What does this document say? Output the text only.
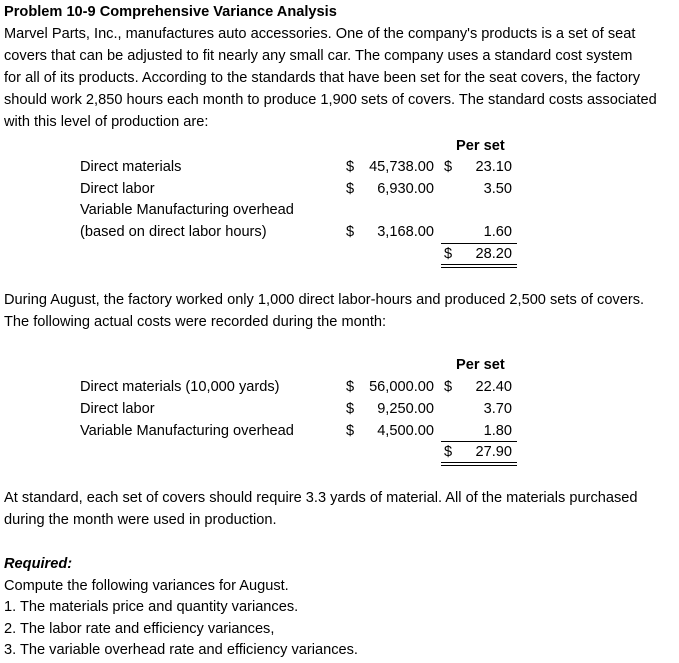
Problem 10-9 Comprehensive Variance Analysis
Marvel Parts, Inc., manufactures auto accessories. One of the company's products is a set of seat
covers that can be adjusted to fit nearly any small car. The company uses a standard cost system
for all of its products. According to the standards that have been set for the seat covers, the factory
should work 2,850 hours each month to produce 1,900 sets of covers. The standard costs associated
with this level of production are:
Per set
Direct materials	$	45,738.00 $	23.10
Direct labor	$	6,930.00	3.50
Variable Manufacturing overhead
(based on direct labor hours)	$	3,168.00	1.60
$	28.20
During August, the factory worked only 1,000 direct labor-hours and produced 2,500 sets of covers.
The following actual costs were recorded during the month:
Per set
Direct materials (10,000 yards)	$	56,000.00 $	22.40
Direct labor	$	9,250.00	3.70
Variable Manufacturing overhead	$	4,500.00	1.80
$	27.90
At standard, each set of covers should require 3.3 yards of material. All of the materials purchased
during the month were used in production.
Required:
Compute the following variances for August.
1. The materials price and quantity variances.
2. The labor rate and efficiency variances,
3. The variable overhead rate and efficiency variances.
